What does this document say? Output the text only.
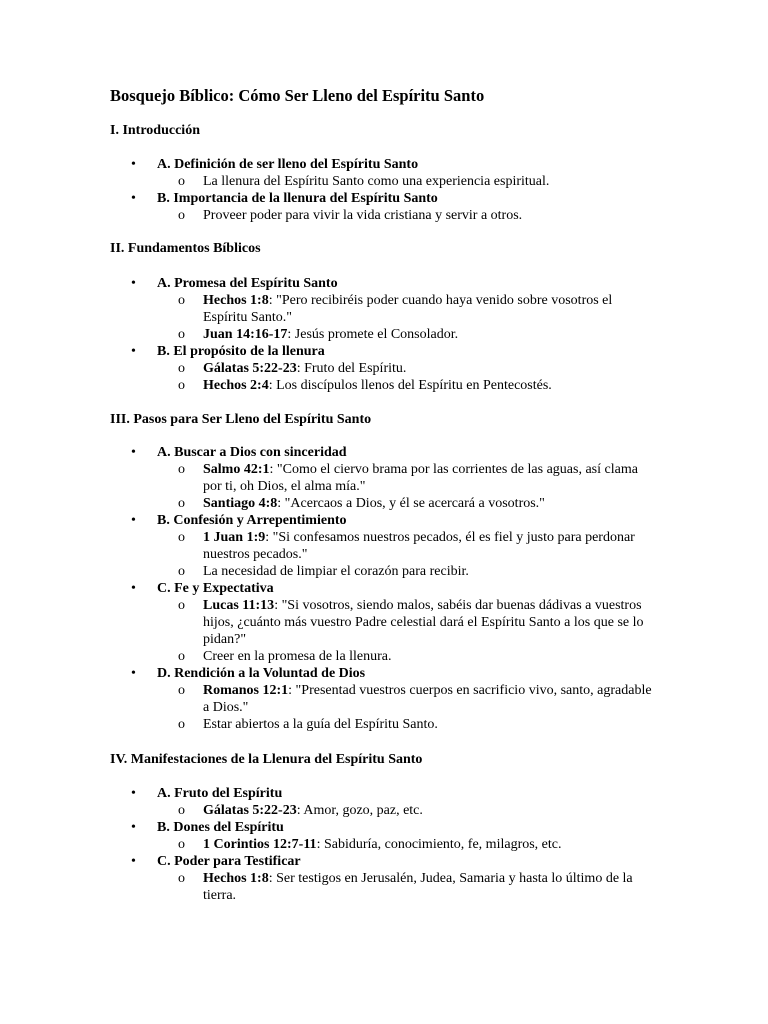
Bosquejo Bíblico: Cómo Ser Lleno del Espíritu Santo
I. Introducción
• A. Definición de ser lleno del Espíritu Santo
o La llenura del Espíritu Santo como una experiencia espiritual.
• B. Importancia de la llenura del Espíritu Santo
o Proveer poder para vivir la vida cristiana y servir a otros.
II. Fundamentos Bíblicos
• A. Promesa del Espíritu Santo
o Hechos 1:8: "Pero recibiréis poder cuando haya venido sobre vosotros el Espíritu Santo."
o Juan 14:16-17: Jesús promete el Consolador.
• B. El propósito de la llenura
o Gálatas 5:22-23: Fruto del Espíritu.
o Hechos 2:4: Los discípulos llenos del Espíritu en Pentecostés.
III. Pasos para Ser Lleno del Espíritu Santo
• A. Buscar a Dios con sinceridad
o Salmo 42:1: "Como el ciervo brama por las corrientes de las aguas, así clama por ti, oh Dios, el alma mía."
o Santiago 4:8: "Acercaos a Dios, y él se acercará a vosotros."
• B. Confesión y Arrepentimiento
o 1 Juan 1:9: "Si confesamos nuestros pecados, él es fiel y justo para perdonar nuestros pecados."
o La necesidad de limpiar el corazón para recibir.
• C. Fe y Expectativa
o Lucas 11:13: "Si vosotros, siendo malos, sabéis dar buenas dádivas a vuestros hijos, ¿cuánto más vuestro Padre celestial dará el Espíritu Santo a los que se lo pidan?"
o Creer en la promesa de la llenura.
• D. Rendición a la Voluntad de Dios
o Romanos 12:1: "Presentad vuestros cuerpos en sacrificio vivo, santo, agradable a Dios."
o Estar abiertos a la guía del Espíritu Santo.
IV. Manifestaciones de la Llenura del Espíritu Santo
• A. Fruto del Espíritu
o Gálatas 5:22-23: Amor, gozo, paz, etc.
• B. Dones del Espíritu
o 1 Corintios 12:7-11: Sabiduría, conocimiento, fe, milagros, etc.
• C. Poder para Testificar
o Hechos 1:8: Ser testigos en Jerusalén, Judea, Samaria y hasta lo último de la tierra.
